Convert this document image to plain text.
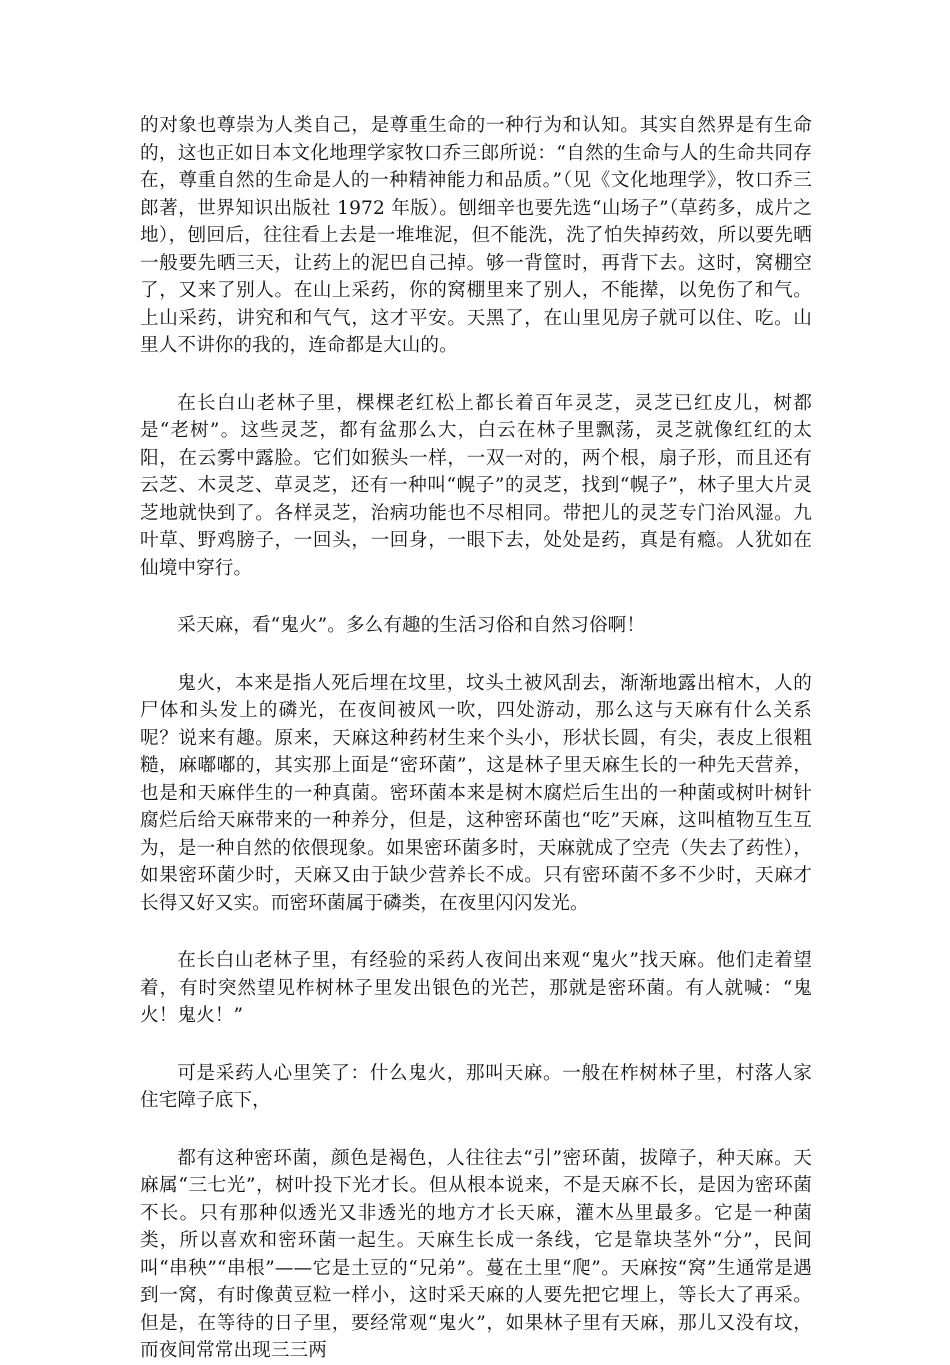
的对象也尊崇为人类自己，是尊重生命的一种行为和认知。其实自然界是有生命的，这也正如日本文化地理学家牧口乔三郎所说：“自然的生命与人的生命共同存在，尊重自然的生命是人的一种精神能力和品质。”（见《文化地理学》，牧口乔三郎著，世界知识出版社 1972 年版）。刨细辛也要先选“山场子”（草药多，成片之地），刨回后，往往看上去是一堆堆泥，但不能洗，洗了怕失掉药效，所以要先晒一般要先晒三天，让药上的泥巴自己掉。够一背筐时，再背下去。这时，窝棚空了，又来了别人。在山上采药，你的窝棚里来了别人，不能撵，以免伤了和气。上山采药，讲究和和气气，这才平安。天黑了，在山里见房子就可以住、吃。山里人不讲你的我的，连命都是大山的。

在长白山老林子里，棵棵老红松上都长着百年灵芝，灵芝已红皮儿，树都是“老树”。这些灵芝，都有盆那么大，白云在林子里飘荡，灵芝就像红红的太阳，在云雾中露脸。它们如猴头一样，一双一对的，两个根，扇子形，而且还有云芝、木灵芝、草灵芝，还有一种叫“幌子”的灵芝，找到“幌子”，林子里大片灵芝地就快到了。各样灵芝，治病功能也不尽相同。带把儿的灵芝专门治风湿。九叶草、野鸡膀子，一回头，一回身，一眼下去，处处是药，真是有瘾。人犹如在仙境中穿行。

采天麻，看“鬼火”。多么有趣的生活习俗和自然习俗啊！

鬼火，本来是指人死后埋在坟里，坟头土被风刮去，渐渐地露出棺木，人的尸体和头发上的磷光，在夜间被风一吹，四处游动，那么这与天麻有什么关系呢？说来有趣。原来，天麻这种药材生来个头小，形状长圆，有尖，表皮上很粗糙，麻嘟嘟的，其实那上面是“密环菌”，这是林子里天麻生长的一种先天营养，也是和天麻伴生的一种真菌。密环菌本来是树木腐烂后生出的一种菌或树叶树针腐烂后给天麻带来的一种养分，但是，这种密环菌也“吃”天麻，这叫植物互生互为，是一种自然的依偎现象。如果密环菌多时，天麻就成了空壳（失去了药性），如果密环菌少时，天麻又由于缺少营养长不成。只有密环菌不多不少时，天麻才长得又好又实。而密环菌属于磷类，在夜里闪闪发光。

在长白山老林子里，有经验的采药人夜间出来观“鬼火”找天麻。他们走着望着，有时突然望见柞树林子里发出银色的光芒，那就是密环菌。有人就喊：“鬼火！鬼火！”

可是采药人心里笑了：什么鬼火，那叫天麻。一般在柞树林子里，村落人家住宅障子底下，

都有这种密环菌，颜色是褐色，人往往去“引”密环菌，拔障子，种天麻。天麻属“三七光”，树叶投下光才长。但从根本说来，不是天麻不长，是因为密环菌不长。只有那种似透光又非透光的地方才长天麻，灌木丛里最多。它是一种菌类，所以喜欢和密环菌一起生。天麻生长成一条线，它是靠块茎外“分”，民间叫“串秧”“串根”——它是土豆的“兄弟”。蔓在土里“爬”。天麻按“窝”生通常是遇到一窝，有时像黄豆粒一样小，这时采天麻的人要先把它埋上，等长大了再采。但是，在等待的日子里，要经常观“鬼火”，如果林子里有天麻，那儿又没有坟，而夜间常常出现三三两
